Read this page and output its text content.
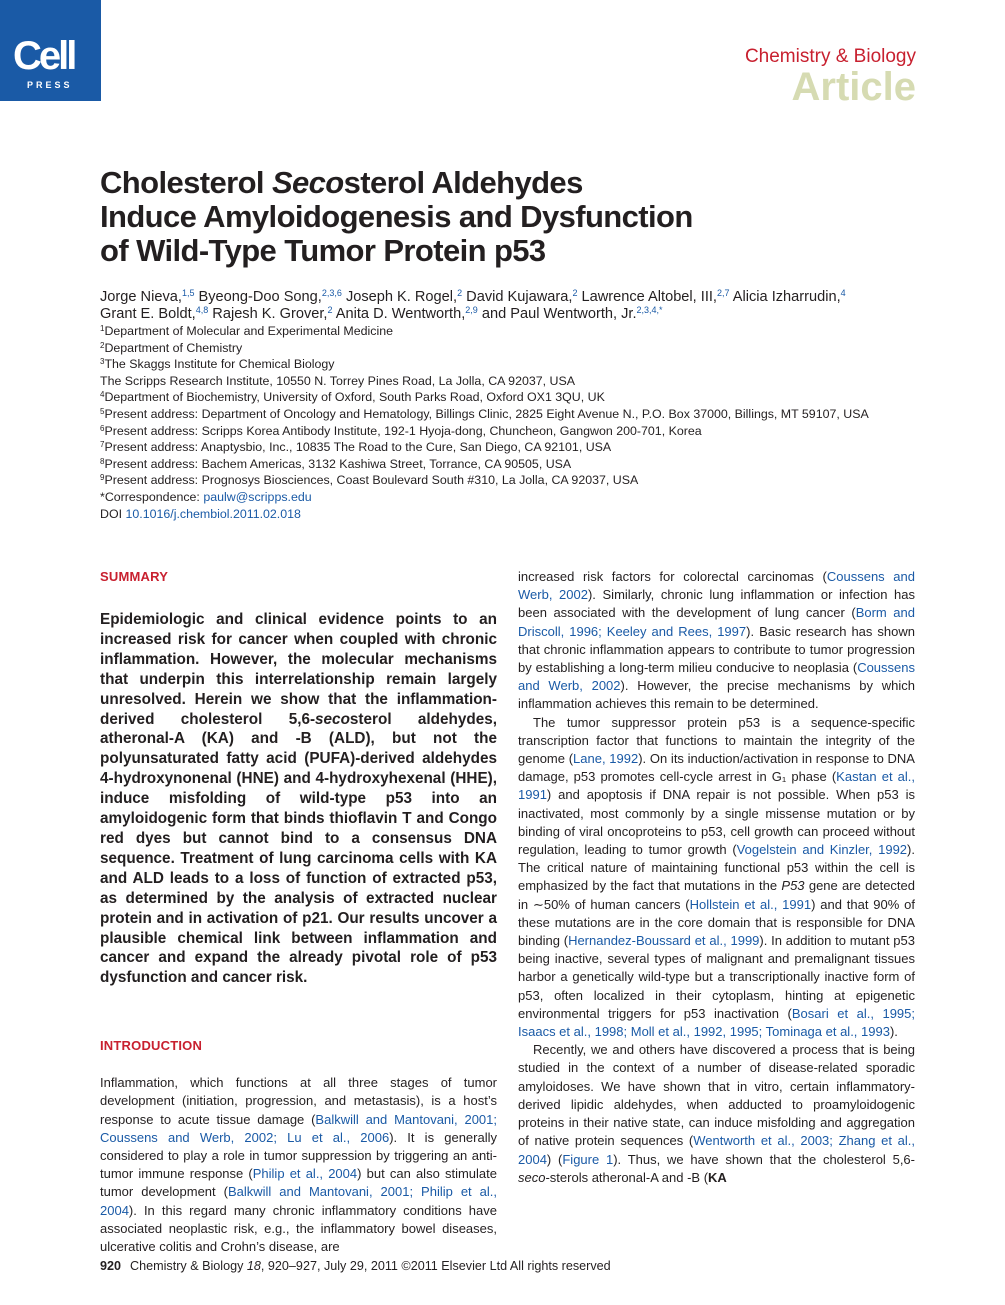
Cell
PRESS
Chemistry & Biology
Article
Cholesterol Secosterol Aldehydes
Induce Amyloidogenesis and Dysfunction
of Wild-Type Tumor Protein p53
Jorge Nieva,$^{1,5}$ Byeong-Doo Song,$^{2,3,6}$ Joseph K. Rogel,$^2$ David Kujawara,$^2$ Lawrence Altobel, III,$^{2,7}$ Alicia Izharrudin,$^4$
Grant E. Boldt,$^{4,8}$ Rajesh K. Grover,$^2$ Anita D. Wentworth,$^{2,9}$ and Paul Wentworth, Jr.$^{2,3,4,*}$
$^1$Department of Molecular and Experimental Medicine
$^2$Department of Chemistry
$^3$The Skaggs Institute for Chemical Biology
The Scripps Research Institute, 10550 N. Torrey Pines Road, La Jolla, CA 92037, USA
$^4$Department of Biochemistry, University of Oxford, South Parks Road, Oxford OX1 3QU, UK
$^5$Present address: Department of Oncology and Hematology, Billings Clinic, 2825 Eight Avenue N., P.O. Box 37000, Billings, MT 59107, USA
$^6$Present address: Scripps Korea Antibody Institute, 192-1 Hyoja-dong, Chuncheon, Gangwon 200-701, Korea
$^7$Present address: Anaptysbio, Inc., 10835 The Road to the Cure, San Diego, CA 92101, USA
$^8$Present address: Bachem Americas, 3132 Kashiwa Street, Torrance, CA 90505, USA
$^9$Present address: Prognosys Biosciences, Coast Boulevard South #310, La Jolla, CA 92037, USA
*Correspondence: paulw@scripps.edu
DOI 10.1016/j.chembiol.2011.02.018
SUMMARY

Epidemiologic and clinical evidence points to an increased risk for cancer when coupled with chronic inflammation. However, the molecular mechanisms that underpin this interrelationship remain largely unresolved. Herein we show that the inflammation-derived cholesterol 5,6-secosterol aldehydes, atheronal-A (KA) and -B (ALD), but not the polyunsaturated fatty acid (PUFA)-derived aldehydes 4-hydroxynonenal (HNE) and 4-hydroxyhexenal (HHE), induce misfolding of wild-type p53 into an amyloidogenic form that binds thioflavin T and Congo red dyes but cannot bind to a consensus DNA sequence. Treatment of lung carcinoma cells with KA and ALD leads to a loss of function of extracted p53, as determined by the analysis of extracted nuclear protein and in activation of p21. Our results uncover a plausible chemical link between inflammation and cancer and expand the already pivotal role of p53 dysfunction and cancer risk.

INTRODUCTION

Inflammation, which functions at all three stages of tumor development (initiation, progression, and metastasis), is a host’s response to acute tissue damage (Balkwill and Mantovani, 2001; Coussens and Werb, 2002; Lu et al., 2006). It is generally considered to play a role in tumor suppression by triggering an anti-tumor immune response (Philip et al., 2004) but can also stimulate tumor development (Balkwill and Mantovani, 2001; Philip et al., 2004). In this regard many chronic inflammatory conditions have associated neoplastic risk, e.g., the inflammatory bowel diseases, ulcerative colitis and Crohn’s disease, are

increased risk factors for colorectal carcinomas (Coussens and Werb, 2002). Similarly, chronic lung inflammation or infection has been associated with the development of lung cancer (Borm and Driscoll, 1996; Keeley and Rees, 1997). Basic research has shown that chronic inflammation appears to contribute to tumor progression by establishing a long-term milieu conducive to neoplasia (Coussens and Werb, 2002). However, the precise mechanisms by which inflammation achieves this remain to be determined.

The tumor suppressor protein p53 is a sequence-specific transcription factor that functions to maintain the integrity of the genome (Lane, 1992). On its induction/activation in response to DNA damage, p53 promotes cell-cycle arrest in G₁ phase (Kastan et al., 1991) and apoptosis if DNA repair is not possible. When p53 is inactivated, most commonly by a single missense mutation or by binding of viral oncoproteins to p53, cell growth can proceed without regulation, leading to tumor growth (Vogelstein and Kinzler, 1992). The critical nature of maintaining functional p53 within the cell is emphasized by the fact that mutations in the P53 gene are detected in ∼50% of human cancers (Hollstein et al., 1991) and that 90% of these mutations are in the core domain that is responsible for DNA binding (Hernandez-Boussard et al., 1999). In addition to mutant p53 being inactive, several types of malignant and premalignant tissues harbor a genetically wild-type but a transcriptionally inactive form of p53, often localized in their cytoplasm, hinting at epigenetic environmental triggers for p53 inactivation (Bosari et al., 1995; Isaacs et al., 1998; Moll et al., 1992, 1995; Tominaga et al., 1993).

Recently, we and others have discovered a process that is being studied in the context of a number of disease-related sporadic amyloidoses. We have shown that in vitro, certain inflammatory-derived lipidic aldehydes, when adducted to proamyloidogenic proteins in their native state, can induce misfolding and aggregation of native protein sequences (Wentworth et al., 2003; Zhang et al., 2004) (Figure 1). Thus, we have shown that the cholesterol 5,6-seco-sterols atheronal-A and -B (KA

920 Chemistry & Biology 18, 920–927, July 29, 2011 ©2011 Elsevier Ltd All rights reserved
